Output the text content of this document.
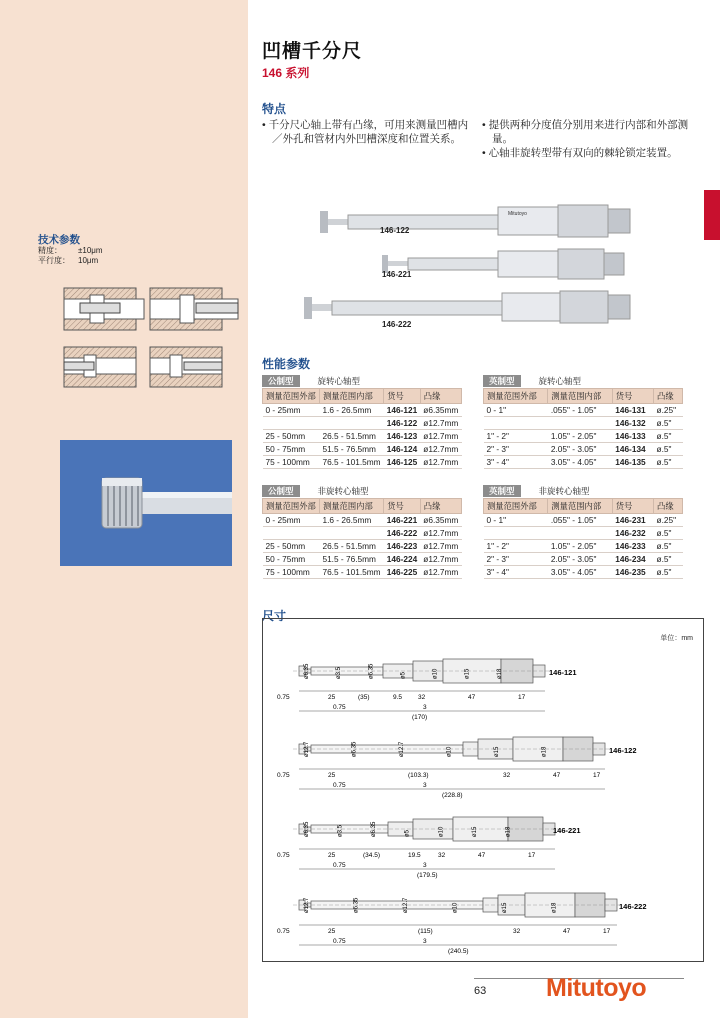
凹槽千分尺
146 系列
特点
• 千分尺心轴上带有凸缘，可用来测量凹槽内／外孔和管材内外凹槽深度和位置关系。
• 提供两种分度值分别用来进行内部和外部测量。
• 心轴非旋转型带有双向的棘轮锁定装置。
技术参数
精度：	±10μm
平行度：	10μm
Mitutoyo
146-122
146-221
146-222
性能参数
公制型	旋转心轴型
测量范围外部	测量范围内部	货号	凸缘
0 - 25mm	1.6 - 26.5mm	146-121	ø6.35mm
		146-122	ø12.7mm
25 - 50mm	26.5 - 51.5mm	146-123	ø12.7mm
50 - 75mm	51.5 - 76.5mm	146-124	ø12.7mm
75 - 100mm	76.5 - 101.5mm	146-125	ø12.7mm
英制型	旋转心轴型
测量范围外部	测量范围内部	货号	凸缘
0 - 1"	.055" - 1.05"	146-131	ø.25"
		146-132	ø.5"
1" - 2"	1.05" - 2.05"	146-133	ø.5"
2" - 3"	2.05" - 3.05"	146-134	ø.5"
3" - 4"	3.05" - 4.05"	146-135	ø.5"
公制型	非旋转心轴型
测量范围外部	测量范围内部	货号	凸缘
0 - 25mm	1.6 - 26.5mm	146-221	ø6.35mm
		146-222	ø12.7mm
25 - 50mm	26.5 - 51.5mm	146-223	ø12.7mm
50 - 75mm	51.5 - 76.5mm	146-224	ø12.7mm
75 - 100mm	76.5 - 101.5mm	146-225	ø12.7mm
英制型	非旋转心轴型
测量范围外部	测量范围内部	货号	凸缘
0 - 1"	.055" - 1.05"	146-231	ø.25"
		146-232	ø.5"
1" - 2"	1.05" - 2.05"	146-233	ø.5"
2" - 3"	2.05" - 3.05"	146-234	ø.5"
3" - 4"	3.05" - 4.05"	146-235	ø.5"
尺寸
单位：mm
ø6.35	ø3.5	ø6.35	ø5	ø10	ø15	ø18	146-121
0.75	25	(35)	9.5 32	47	17
0.75	3
(170)
ø12.7	ø6.35	ø12.7	ø10	ø15	ø18	146-122
0.75	25	(103.3)	32	47	17
0.75	3
(228.8)
ø6.35	ø3.5	ø6.35	ø5	ø10	ø15	ø18	146-221
0.75	25	(34.5)	19.5	32	47	17
0.75	3
(179.5)
ø12.7	ø6.35	ø12.7	ø10	ø15	ø18	146-222
0.75	25	(115)	32	47	17
0.75	3
(240.5)
63	Mitutoyo
